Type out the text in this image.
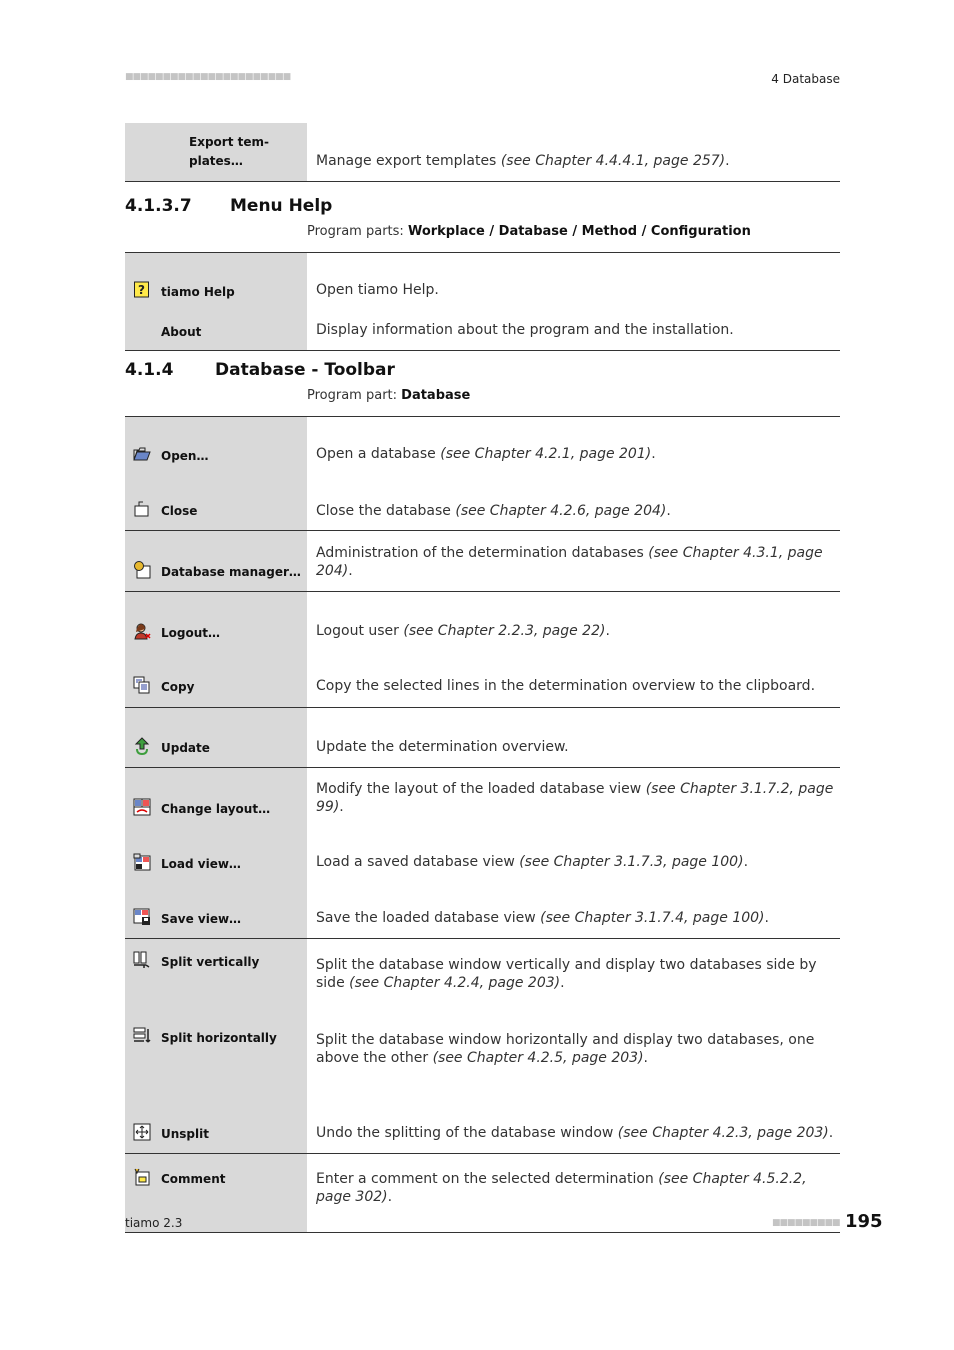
■■■■■■■■■■■■■■■■■■■■■■	4 Database
Export tem-
plates…	Manage export templates (see Chapter 4.4.4.1, page 257).
4.1.3.7 Menu Help
Program parts: Workplace / Database / Method / Configuration
? tiamo Help	Open tiamo Help.

About	Display information about the program and the installation.
4.1.4 Database - Toolbar
Program part: Database
Open…	Open a database (see Chapter 4.2.1, page 201).

Close	Close the database (see Chapter 4.2.6, page 204).

Database manager…	Administration of the determination databases (see Chapter 4.3.1, page 204).

Logout…	Logout user (see Chapter 2.2.3, page 22).

Copy	Copy the selected lines in the determination overview to the clipboard.

Update	Update the determination overview.

Change layout…	Modify the layout of the loaded database view (see Chapter 3.1.7.2, page 99).

Load view…	Load a saved database view (see Chapter 3.1.7.3, page 100).

Save view…	Save the loaded database view (see Chapter 3.1.7.4, page 100).

Split vertically	Split the database window vertically and display two databases side by side (see Chapter 4.2.4, page 203).

Split horizontally	Split the database window horizontally and display two databases, one above the other (see Chapter 4.2.5, page 203).

Unsplit	Undo the splitting of the database window (see Chapter 4.2.3, page 203).

Comment	Enter a comment on the selected determination (see Chapter 4.5.2.2, page 302).
tiamo 2.3	■■■■■■■■■ 195
